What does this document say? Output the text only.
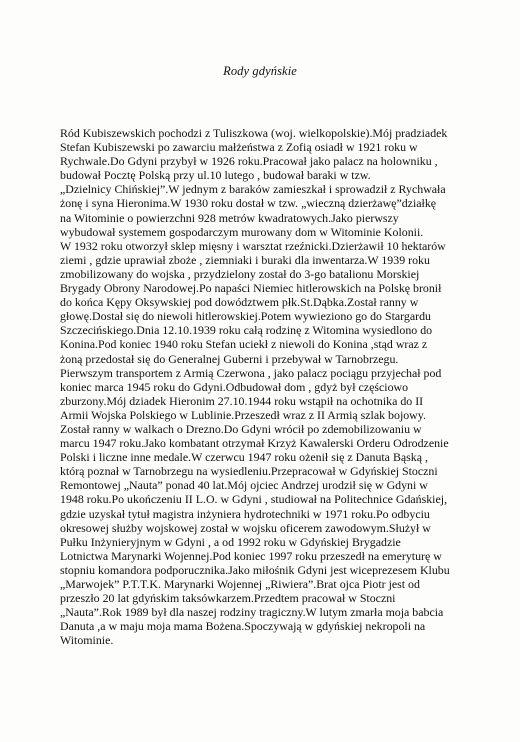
Rody gdyńskie

Ród Kubiszewskich pochodzi z Tuliszkowa (woj. wielkopolskie).Mój pradziadek
Stefan Kubiszewski po zawarciu małżeństwa z Zofią osiadł w 1921 roku w
Rychwale.Do Gdyni przybył w 1926 roku.Pracował jako palacz na holowniku ,
budował Pocztę Polską przy ul.10 lutego , budował baraki w tzw.
„Dzielnicy Chińskiej”.W jednym z baraków zamieszkał i sprowadził z Rychwała
żonę i syna Hieronima.W 1930 roku dostał w tzw. „wieczną dzierżawę”działkę
na Witominie o powierzchni 928 metrów kwadratowych.Jako pierwszy
wybudował systemem gospodarczym murowany dom w Witominie Kolonii.
W 1932 roku otworzył sklep mięsny i warsztat rzeźnicki.Dzierżawił 10 hektarów
ziemi , gdzie uprawiał zboże , ziemniaki i buraki dla inwentarza.W 1939 roku
zmobilizowany do wojska , przydzielony został do 3-go batalionu Morskiej
Brygady Obrony Narodowej.Po napaści Niemiec hitlerowskich na Polskę bronił
do końca Kępy Oksywskiej pod dowództwem płk.St.Dąbka.Został ranny w
głowę.Dostał się do niewoli hitlerowskiej.Potem wywieziono go do Stargardu
Szczecińskiego.Dnia 12.10.1939 roku całą rodzinę z Witomina wysiedlono do
Konina.Pod koniec 1940 roku Stefan uciekł z niewoli do Konina ,stąd wraz z
żoną przedostał się do Generalnej Guberni i przebywał w Tarnobrzegu.
Pierwszym transportem z Armią Czerwona , jako palacz pociągu przyjechał pod
koniec marca 1945 roku do Gdyni.Odbudował dom , gdyż był częściowo
zburzony.Mój dziadek Hieronim 27.10.1944 roku wstąpił na ochotnika do II
Armii Wojska Polskiego w Lublinie.Przeszedł wraz z II Armią szlak bojowy.
Został ranny w walkach o Drezno.Do Gdyni wrócił po zdemobilizowaniu w
marcu 1947 roku.Jako kombatant otrzymał Krzyż Kawalerski Orderu Odrodzenie
Polski i liczne inne medale.W czerwcu 1947 roku ożenił się z Danuta Bąską ,
którą poznał w Tarnobrzegu na wysiedleniu.Przepracował w Gdyńskiej Stoczni
Remontowej „Nauta” ponad 40 lat.Mój ojciec Andrzej urodził się w Gdyni w
1948 roku.Po ukończeniu II L.O. w Gdyni , studiował na Politechnice Gdańskiej,
gdzie uzyskał tytuł magistra inżyniera hydrotechniki w 1971 roku.Po odbyciu
okresowej służby wojskowej został w wojsku oficerem zawodowym.Służył w
Pułku Inżynieryjnym w Gdyni , a od 1992 roku w Gdyńskiej Brygadzie
Lotnictwa Marynarki Wojennej.Pod koniec 1997 roku przeszedł na emeryturę w
stopniu komandora podporucznika.Jako miłośnik Gdyni jest wiceprezesem Klubu
„Marwojek” P.T.T.K. Marynarki Wojennej „Riwiera”.Brat ojca Piotr jest od
przeszło 20 lat gdyńskim taksówkarzem.Przedtem pracował w Stoczni
„Nauta”.Rok 1989 był dla naszej rodziny tragiczny.W lutym zmarła moja babcia
Danuta ,a w maju moja mama Bożena.Spoczywają w gdyńskiej nekropoli na
Witominie.
